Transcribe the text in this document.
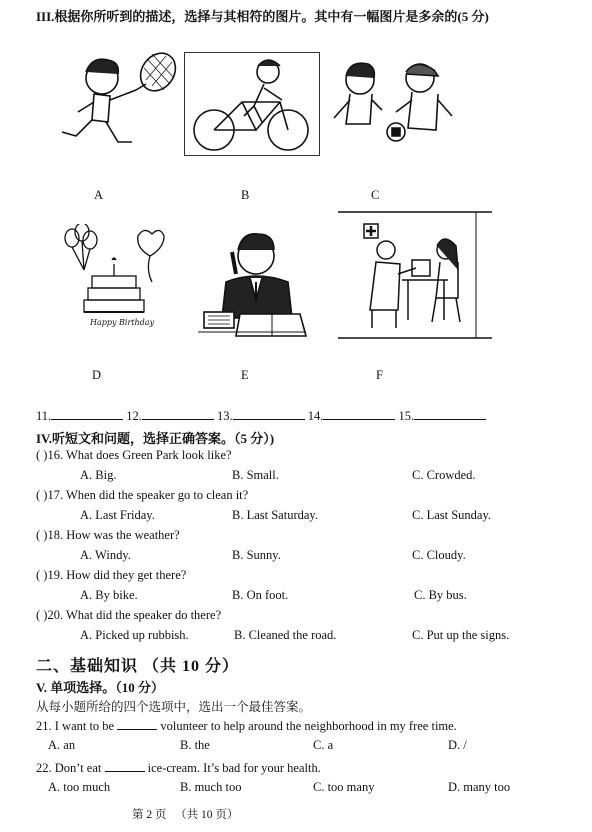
III.根据你所听到的描述，选择与其相符的图片。其中有一幅图片是多余的(5 分)
A	B	C
Happy Birthday
D	E	F
11.	12.	13.	14.	15.
IV.听短文和问题，选择正确答案。（5 分）)
( )16. What does Green Park look like?
A. Big.	B. Small.	C. Crowded.
( )17. When did the speaker go to clean it?
A. Last Friday.	B. Last Saturday.	C. Last Sunday.
( )18. How was the weather?
A. Windy.	B. Sunny.	C. Cloudy.
( )19. How did they get there?
A. By bike.	B. On foot.	C. By bus.
( )20. What did the speaker do there?
A. Picked up rubbish.	B. Cleaned the road.	C. Put up the signs.
二、基础知识 （共 10 分）
V. 单项选择。（10 分）
从每小题所给的四个选项中，选出一个最佳答案。
21. I want to be	volunteer to help around the neighborhood in my free time.
A. an	B. the	C. a	D. /
22. Don’t eat	ice-cream. It’s bad for your health.
A. too much	B. much too	C. too many	D. many too
第 2 页   （共 10 页）
